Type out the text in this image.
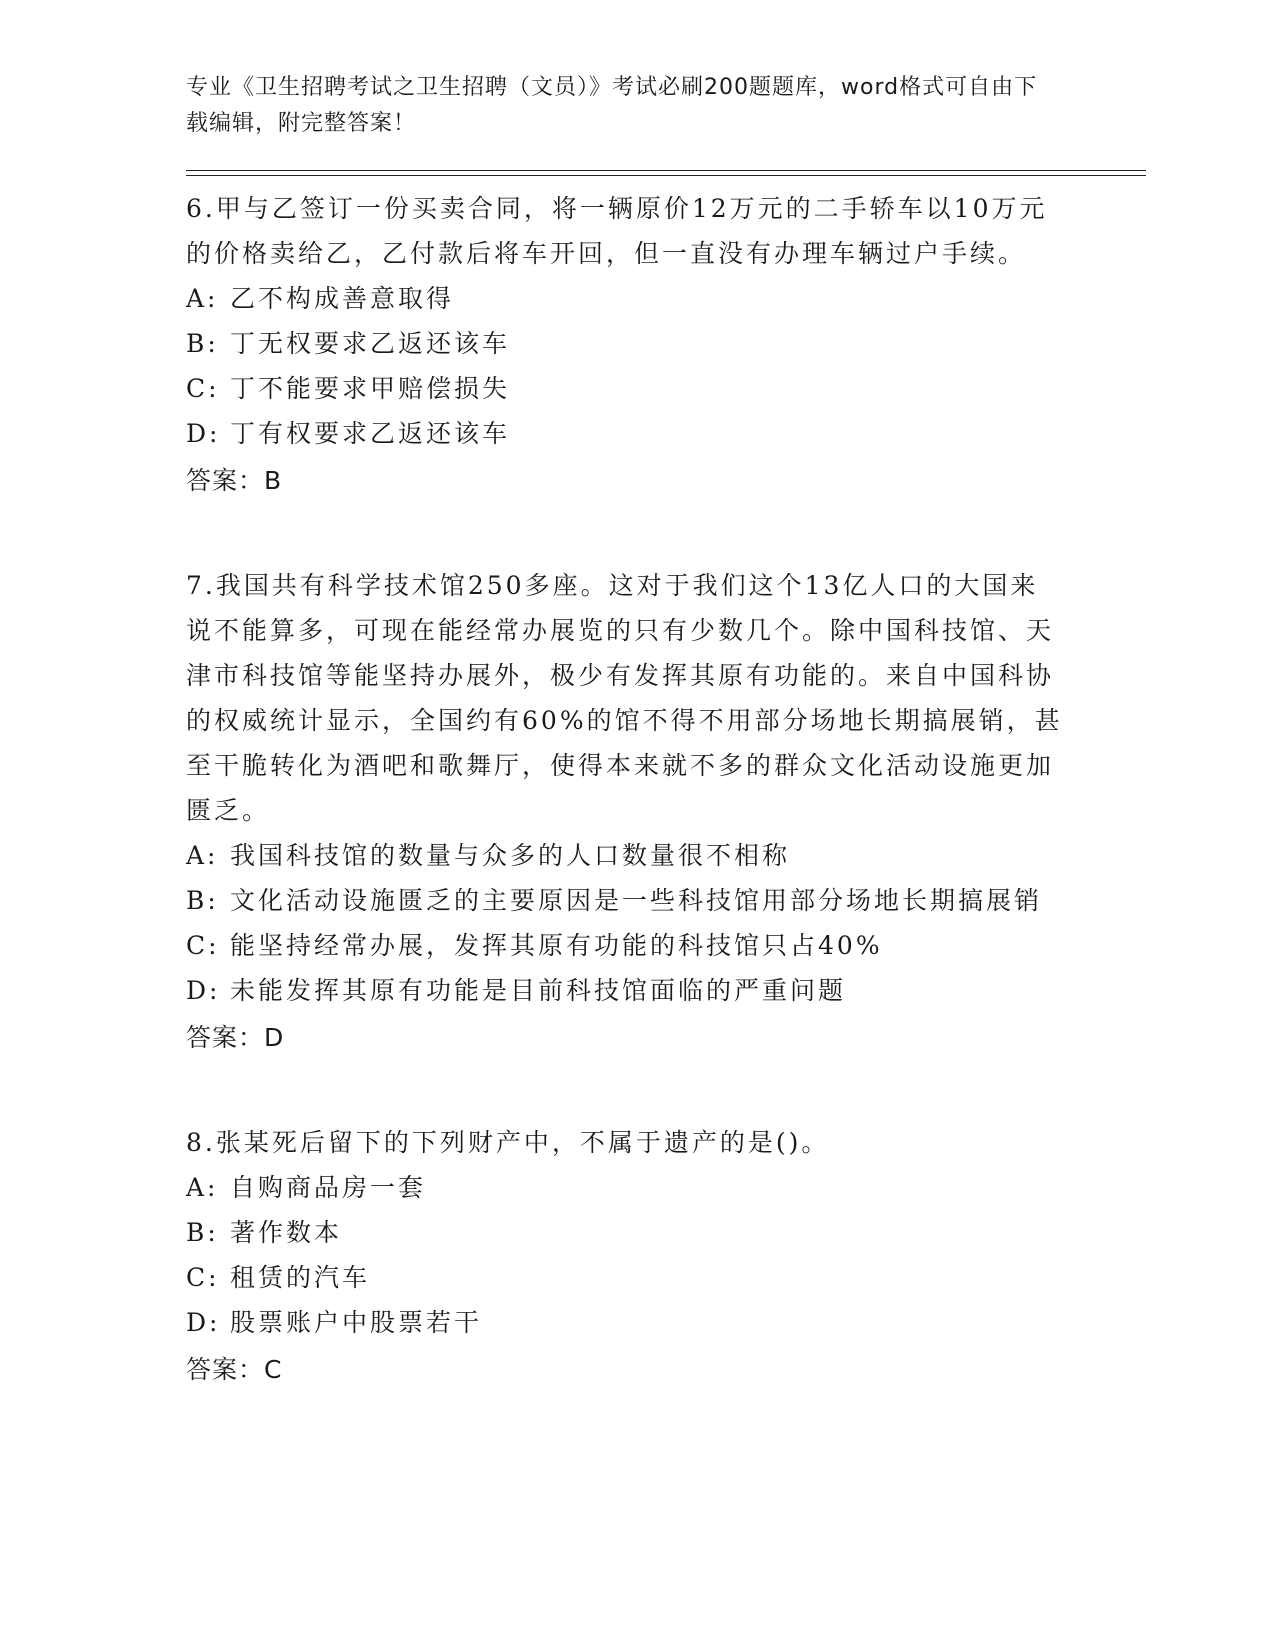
专业《卫生招聘考试之卫生招聘（文员）》考试必刷200题题库，word格式可自由下载编辑，附完整答案！

6.甲与乙签订一份买卖合同，将一辆原价12万元的二手轿车以10万元的价格卖给乙，乙付款后将车开回，但一直没有办理车辆过户手续。

A: 乙不构成善意取得

B: 丁无权要求乙返还该车

C: 丁不能要求甲赔偿损失

D: 丁有权要求乙返还该车

答案：B

7.我国共有科学技术馆250多座。这对于我们这个13亿人口的大国来说不能算多，可现在能经常办展览的只有少数几个。除中国科技馆、天津市科技馆等能坚持办展外，极少有发挥其原有功能的。来自中国科协的权威统计显示，全国约有60%的馆不得不用部分场地长期搞展销，甚至干脆转化为酒吧和歌舞厅，使得本来就不多的群众文化活动设施更加匮乏。

A: 我国科技馆的数量与众多的人口数量很不相称

B: 文化活动设施匮乏的主要原因是一些科技馆用部分场地长期搞展销

C: 能坚持经常办展，发挥其原有功能的科技馆只占40%

D: 未能发挥其原有功能是目前科技馆面临的严重问题

答案：D

8.张某死后留下的下列财产中，不属于遗产的是()。

A: 自购商品房一套

B: 著作数本

C: 租赁的汽车

D: 股票账户中股票若干

答案：C
